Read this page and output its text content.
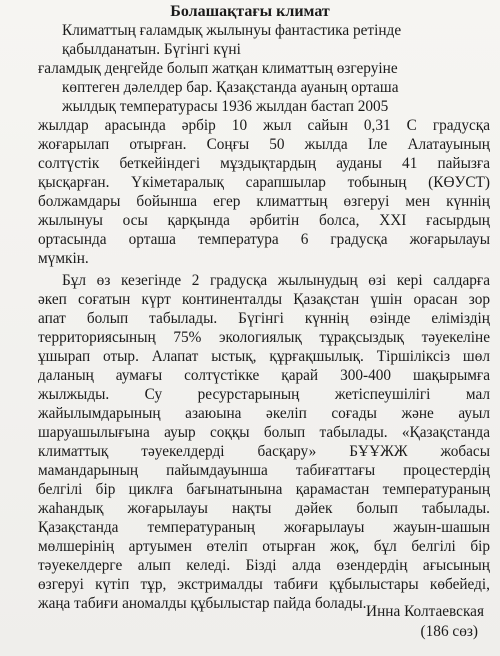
Болашақтағы климат
Климаттың ғаламдық жылынуы фантастика ретінде
қабылданатын. Бүгінгі күні
ғаламдық деңгейде болып жатқан климаттың өзгеруіне
көптеген дәлелдер бар. Қазақстанда ауаның орташа
жылдық температурасы 1936 жылдан бастап 2005
жылдар арасында әрбір 10 жыл сайын 0,31 С градусқа
жоғарылап отырған. Соңғы 50 жылда Іле Алатауының
солтүстік беткейіндегі мұздықтардың ауданы 41 пайызға
қысқарған. Үкіметаралық сарапшылар тобының (КӨУСТ)
болжамдары бойынша егер климаттың өзгеруі мен күннің
жылынуы осы қарқында әрбитін болса, XXI ғасырдың
ортасында орташа температура 6 градусқа жоғарылауы
мүмкін.
Бұл өз кезегінде 2 градусқа жылынудың өзі кері салдарға
әкеп соғатын күрт континенталды Қазақстан үшін орасан зор
апат болып табылады. Бүгінгі күннің өзінде еліміздің
территориясының 75% экологиялық тұрақсыздық тәуекеліне
ұшырап отыр. Алапат ыстық, құрғақшылық. Тіршіліксіз шөл
даланың аумағы солтүстікке қарай 300-400 шақырымға
жылжыды. Су ресурстарының жетіспеушілігі мал
жайылымдарының азаюына әкеліп соғады және ауыл
шаруашылығына ауыр соққы болып табылады. «Қазақстанда
климаттық тәуекелдерді басқару» БҰҰЖЖ жобасы
мамандарының пайымдауынша табиғаттағы процестердің
белгілі бір циклға бағынатынына қарамастан температураның
жаһандық жоғарылауы нақты дәйек болып табылады.
Қазақстанда температураның жоғарылауы жауын-шашын
мөлшерінің артуымен өтеліп отырған жоқ, бұл белгілі бір
тәуекелдерге алып келеді. Бізді алда өзендердің ағысының
өзгеруі күтіп тұр, экстрималды табиғи құбылыстары көбейеді,
жаңа табиғи аномалды құбылыстар пайда болады. Инна Колтаевская
(186 сөз)
